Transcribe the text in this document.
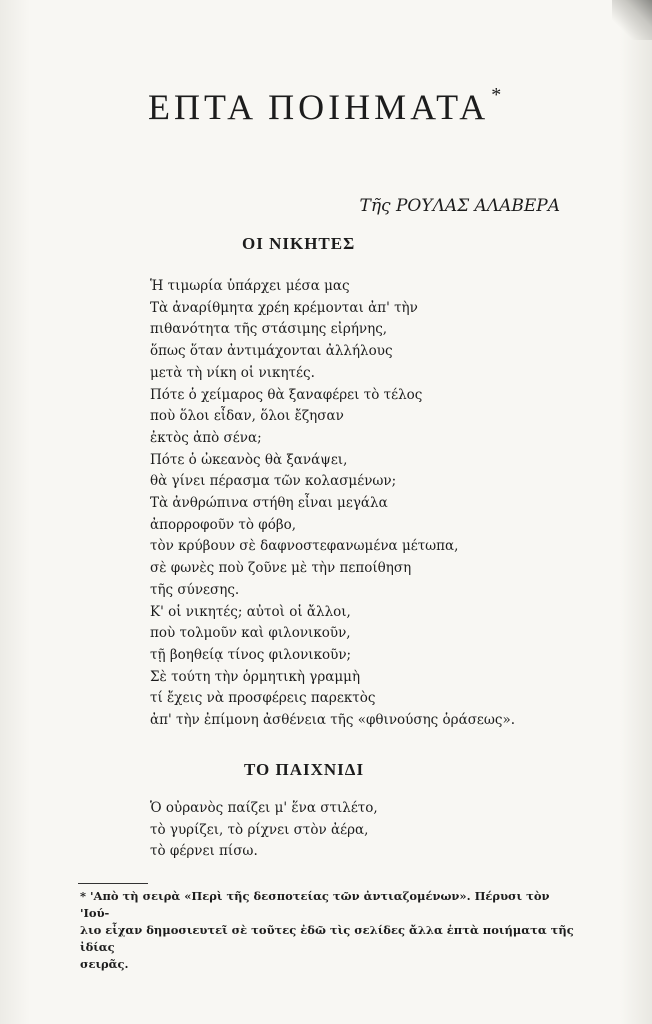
ΕΠΤΑ ΠΟΙΗΜΑΤΑ *
Τῆς ΡΟΥΛΑΣ ΑΛΑΒΕΡΑ
ΟΙ ΝΙΚΗΤΕΣ
Ἡ τιμωρία ὑπάρχει μέσα μας
Τὰ ἀναρίθμητα χρέη κρέμονται ἀπ' τὴν
πιθανότητα τῆς στάσιμης εἰρήνης,
ὅπως ὅταν ἀντιμάχονται ἀλλήλους
μετὰ τὴ νίκη οἱ νικητές.
Πότε ὁ χείμαρος θὰ ξαναφέρει τὸ τέλος
ποὺ ὅλοι εἶδαν, ὅλοι ἔζησαν
ἐκτὸς ἀπὸ σένα;
Πότε ὁ ὠκεανὸς θὰ ξανάψει,
θὰ γίνει πέρασμα τῶν κολασμένων;
Τὰ ἀνθρώπινα στήθη εἶναι μεγάλα
ἀπορροφοῦν τὸ φόβο,
τὸν κρύβουν σὲ δαφνοστεφανωμένα μέτωπα,
σὲ φωνὲς ποὺ ζοῦνε μὲ τὴν πεποίθηση
τῆς σύνεσης.
Κ' οἱ νικητές; αὐτοὶ οἱ ἄλλοι,
ποὺ τολμοῦν καὶ φιλονικοῦν,
τῇ βοηθείᾳ τίνος φιλονικοῦν;
Σὲ τούτη τὴν ὁρμητικὴ γραμμὴ
τί ἔχεις νὰ προσφέρεις παρεκτὸς
ἀπ' τὴν ἐπίμονη ἀσθένεια τῆς «φθινούσης ὁράσεως».
ΤΟ ΠΑΙΧΝΙΔΙ
Ὁ οὐρανὸς παίζει μ' ἕνα στιλέτο,
τὸ γυρίζει, τὸ ρίχνει στὸν ἀέρα,
τὸ φέρνει πίσω.
* 'Απὸ τὴ σειρὰ «Περὶ τῆς δεσποτείας τῶν ἀντιαζομένων». Πέρυσι τὸν 'Ιού-
λιο εἶχαν δημοσιευτεῖ σὲ τοῦτες ἐδῶ τὶς σελίδες ἄλλα ἑπτὰ ποιήματα τῆς ἰδίας
σειρᾶς.
